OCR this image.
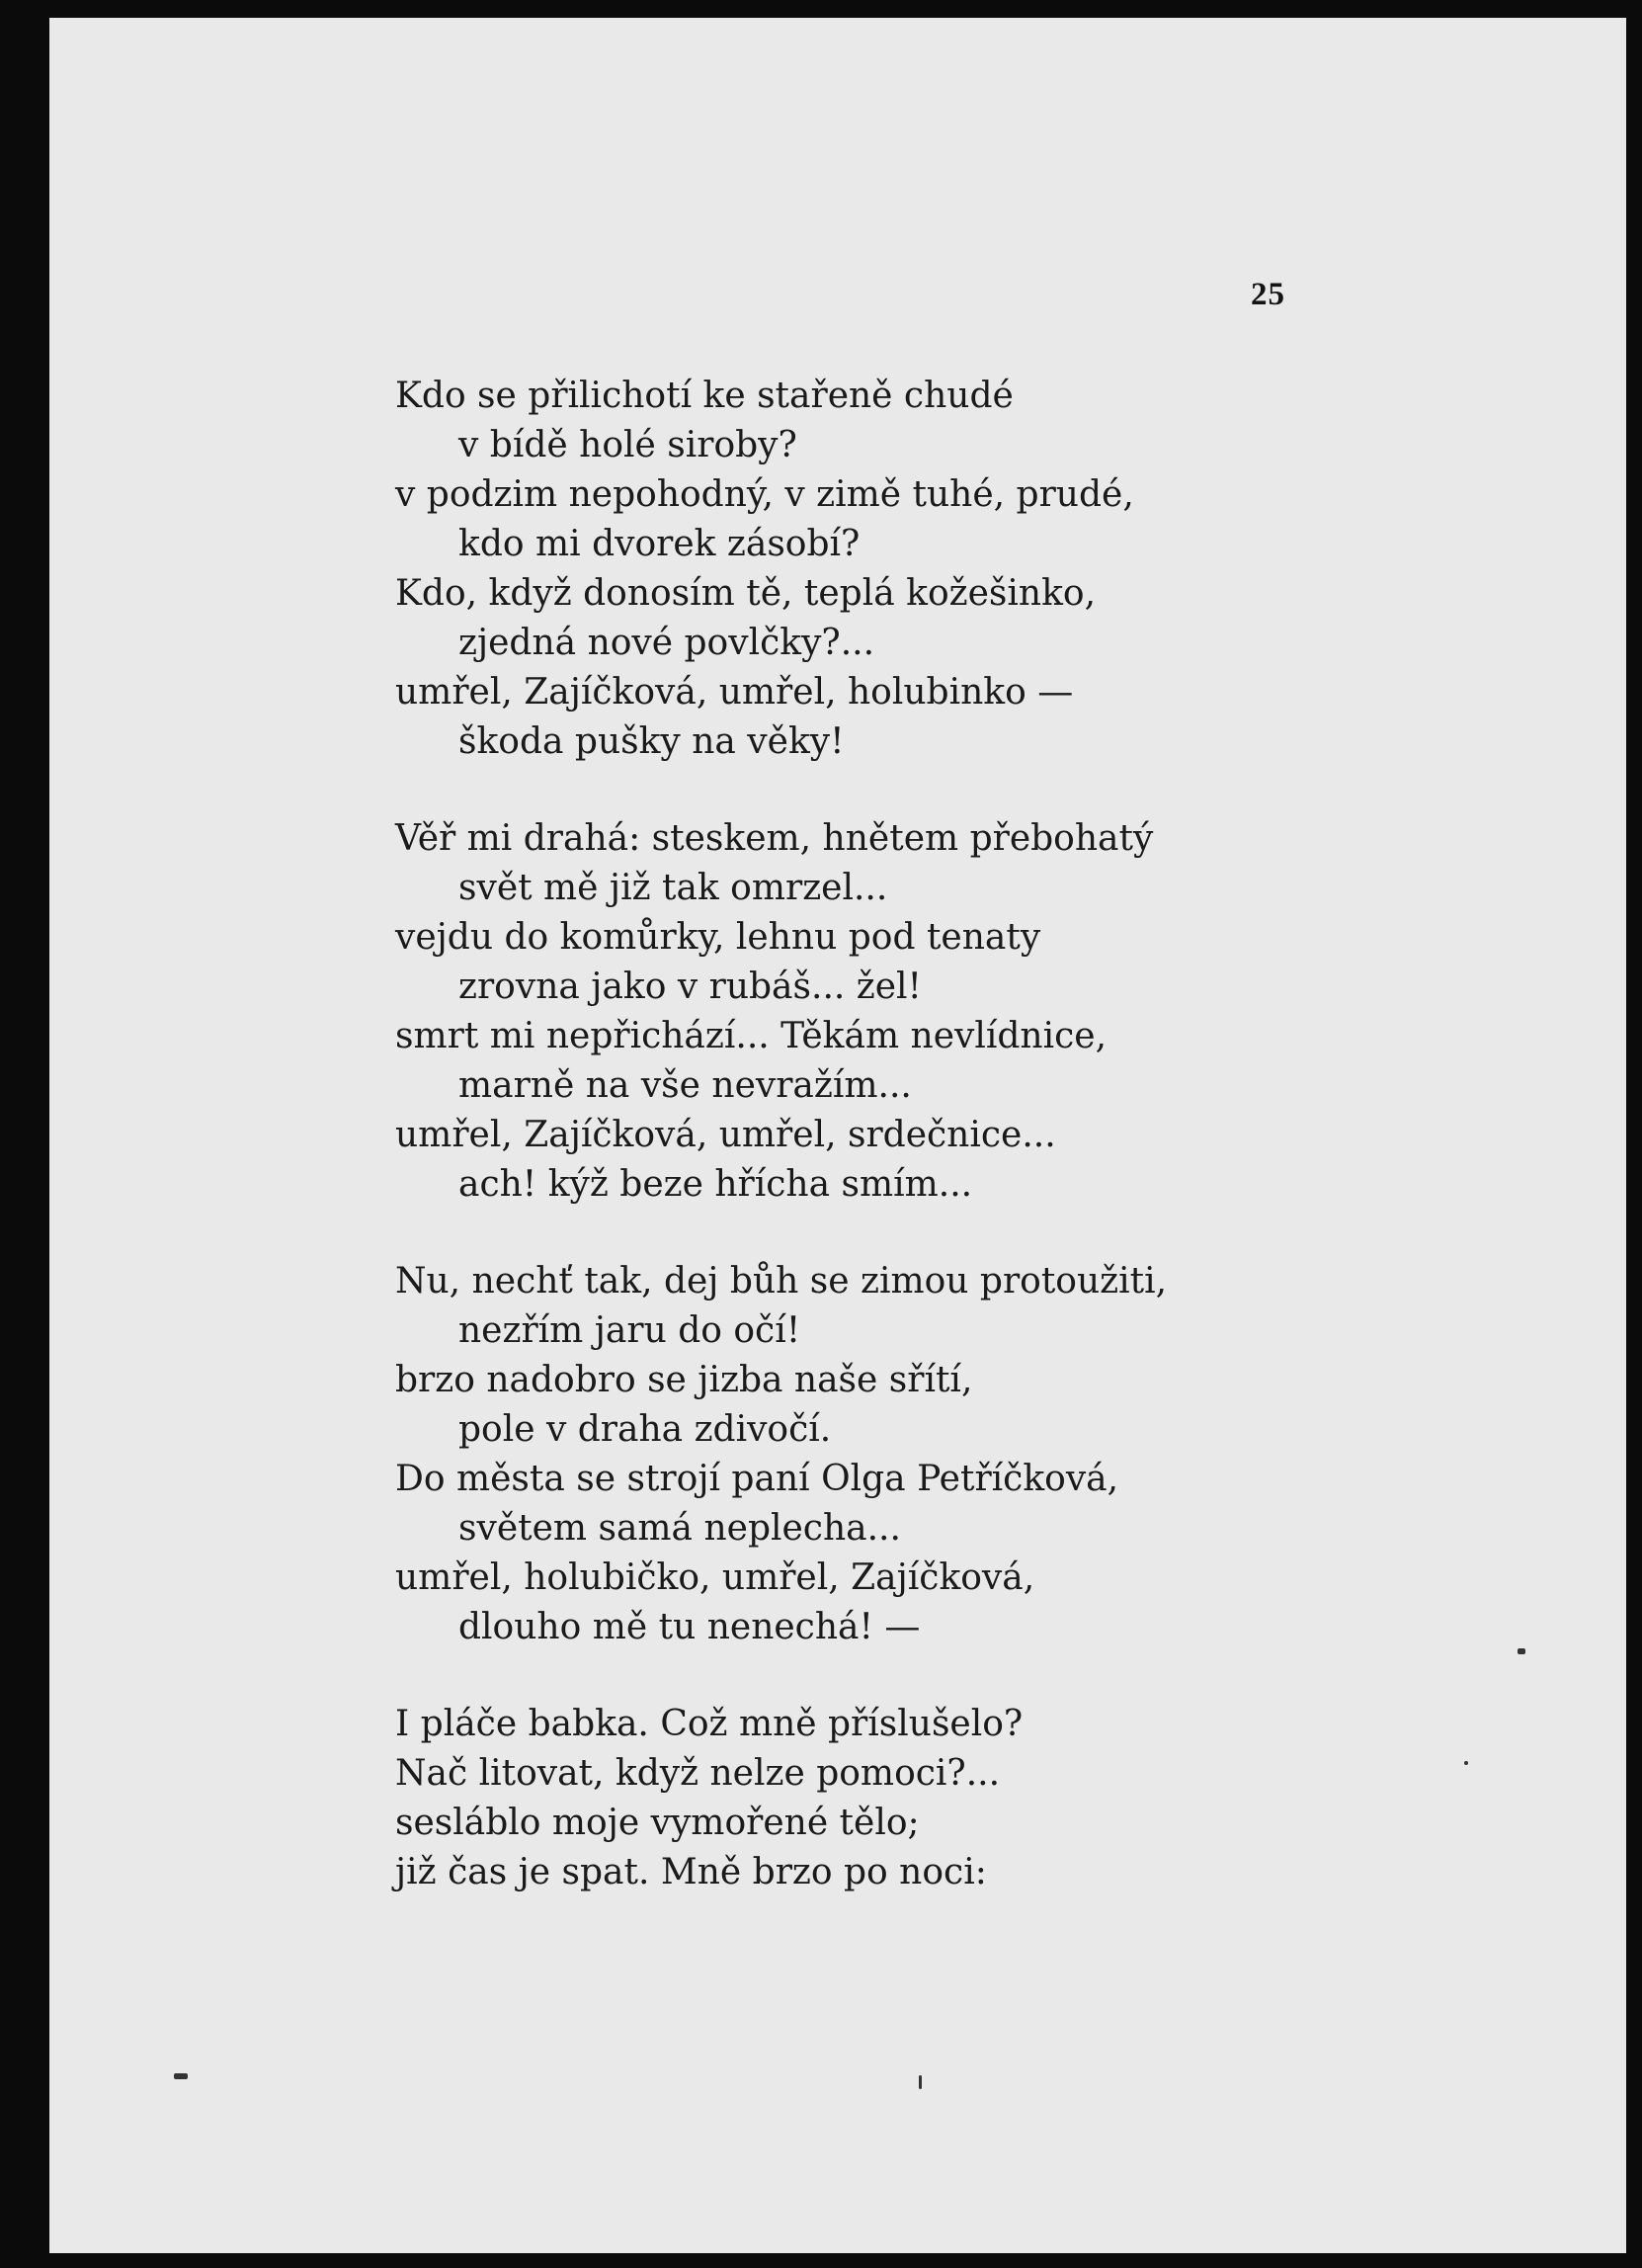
25
Kdo se přilichotí ke stařeně chudé
v bídě holé siroby?
v podzim nepohodný, v zimě tuhé, prudé,
kdo mi dvorek zásobí?
Kdo, když donosím tě, teplá kožešinko,
zjedná nové povlčky?...
umřel, Zajíčková, umřel, holubinko —
škoda pušky na věky!
Věř mi drahá: steskem, hnětem přebohatý
svět mě již tak omrzel...
vejdu do komůrky, lehnu pod tenaty
zrovna jako v rubáš... žel!
smrt mi nepřichází... Těkám nevlídnice,
marně na vše nevražím...
umřel, Zajíčková, umřel, srdečnice...
ach! kýž beze hřícha smím...
Nu, nechť tak, dej bůh se zimou protoužiti,
nezřím jaru do očí!
brzo nadobro se jizba naše sřítí,
pole v draha zdivočí.
Do města se strojí paní Olga Petříčková,
světem samá neplecha...
umřel, holubičko, umřel, Zajíčková,
dlouho mě tu nenechá! —
I pláče babka. Což mně příslušelo?
Nač litovat, když nelze pomoci?...
sesláblo moje vymořené tělo;
již čas je spat. Mně brzo po noci:
